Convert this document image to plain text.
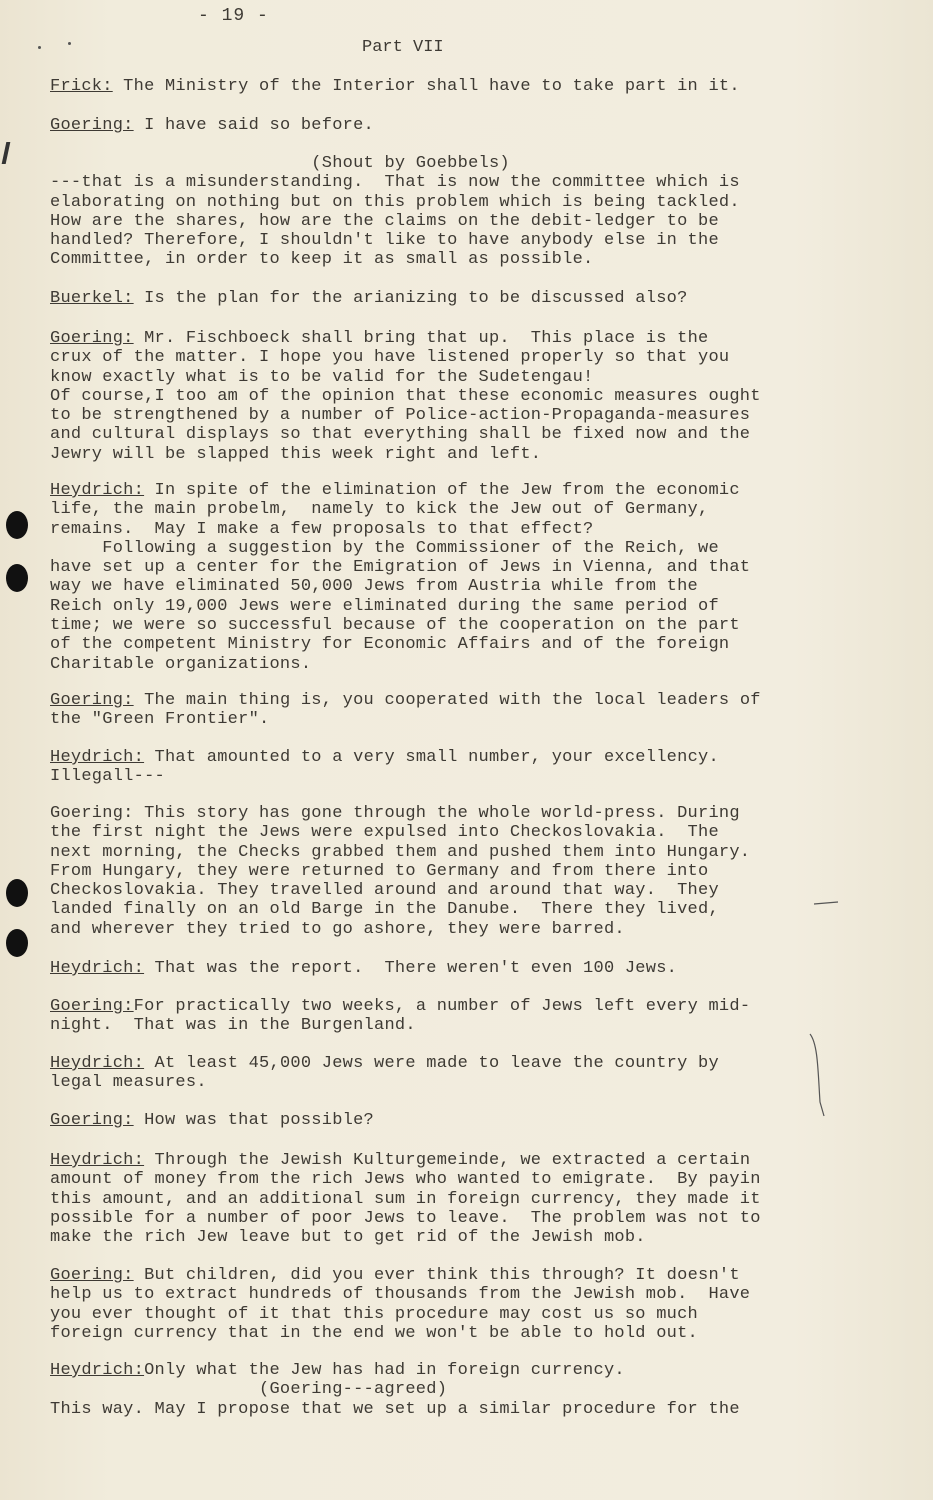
- 19 -
Part VII
Frick: The Ministry of the Interior shall have to take part in it.
Goering: I have said so before.
(Shout by Goebbels)
---that is a misunderstanding.  That is now the committee which is
elaborating on nothing but on this problem which is being tackled.
How are the shares, how are the claims on the debit-ledger to be
handled? Therefore, I shouldn't like to have anybody else in the
Committee, in order to keep it as small as possible.
Buerkel: Is the plan for the arianizing to be discussed also?
Goering: Mr. Fischboeck shall bring that up.  This place is the
crux of the matter. I hope you have listened properly so that you
know exactly what is to be valid for the Sudetengau!
Of course,I too am of the opinion that these economic measures ought
to be strengthened by a number of Police-action-Propaganda-measures
and cultural displays so that everything shall be fixed now and the
Jewry will be slapped this week right and left.
Heydrich: In spite of the elimination of the Jew from the economic
life, the main probelm,  namely to kick the Jew out of Germany,
remains.  May I make a few proposals to that effect?
Following a suggestion by the Commissioner of the Reich, we
have set up a center for the Emigration of Jews in Vienna, and that
way we have eliminated 50,000 Jews from Austria while from the
Reich only 19,000 Jews were eliminated during the same period of
time; we were so successful because of the cooperation on the part
of the competent Ministry for Economic Affairs and of the foreign
Charitable organizations.
Goering: The main thing is, you cooperated with the local leaders of
the "Green Frontier".
Heydrich: That amounted to a very small number, your excellency.
Illegall---
Goering: This story has gone through the whole world-press. During
the first night the Jews were expulsed into Checkoslovakia.  The
next morning, the Checks grabbed them and pushed them into Hungary.
From Hungary, they were returned to Germany and from there into
Checkoslovakia. They travelled around and around that way.  They
landed finally on an old Barge in the Danube.  There they lived,
and wherever they tried to go ashore, they were barred.
Heydrich: That was the report.  There weren't even 100 Jews.
Goering:For practically two weeks, a number of Jews left every mid-
night.  That was in the Burgenland.
Heydrich: At least 45,000 Jews were made to leave the country by
legal measures.
Goering: How was that possible?
Heydrich: Through the Jewish Kulturgemeinde, we extracted a certain
amount of money from the rich Jews who wanted to emigrate.  By payin
this amount, and an additional sum in foreign currency, they made it
possible for a number of poor Jews to leave.  The problem was not to
make the rich Jew leave but to get rid of the Jewish mob.
Goering: But children, did you ever think this through? It doesn't
help us to extract hundreds of thousands from the Jewish mob.  Have
you ever thought of it that this procedure may cost us so much
foreign currency that in the end we won't be able to hold out.
Heydrich:Only what the Jew has had in foreign currency.
(Goering---agreed)
This way. May I propose that we set up a similar procedure for the
